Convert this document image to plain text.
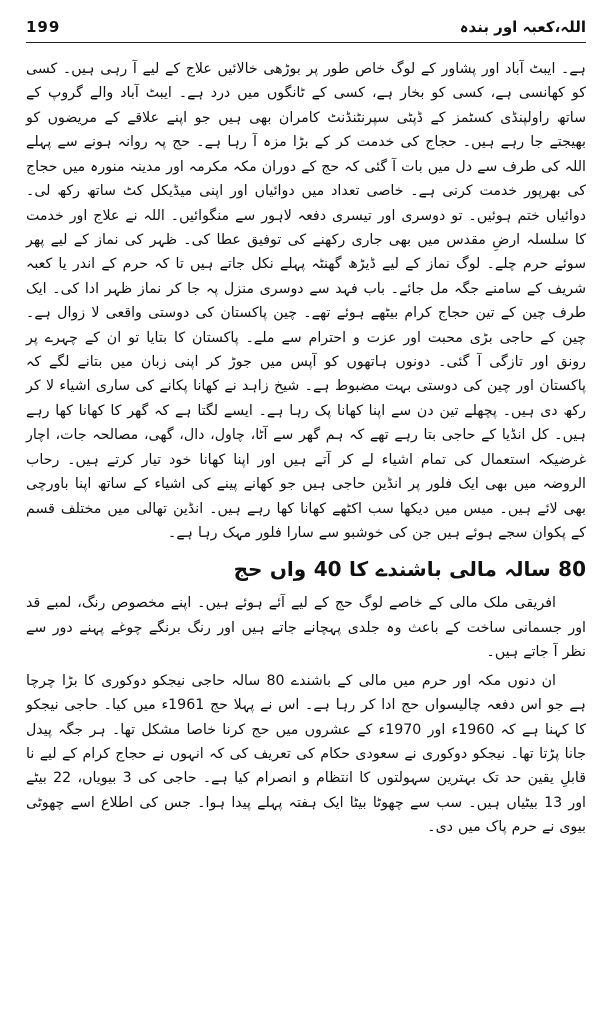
199	اللہ،کعبہ اور بندہ

ہے۔ ایبٹ آباد اور پشاور کے لوگ خاص طور پر بوڑھی خالائیں علاج کے لیے آ رہی ہیں۔ کسی کو کھانسی ہے، کسی کو بخار ہے، کسی کے ٹانگوں میں درد ہے۔ ایبٹ آباد والے گروپ کے ساتھ راولپنڈی کسٹمز کے ڈپٹی سپرنٹنڈنٹ کامران بھی ہیں جو اپنے علاقے کے مریضوں کو بھیجتے جا رہے ہیں۔ حجاج کی خدمت کر کے بڑا مزہ آ رہا ہے۔ حج پہ روانہ ہونے سے پہلے اللہ کی طرف سے دل میں بات آ گئی کہ حج کے دوران مکہ مکرمہ اور مدینہ منورہ میں حجاج کی بھرپور خدمت کرنی ہے۔ خاصی تعداد میں دوائیاں اور اپنی میڈیکل کٹ ساتھ رکھ لی۔ دوائیاں ختم ہوئیں۔ تو دوسری اور تیسری دفعہ لاہور سے منگوائیں۔ اللہ نے علاج اور خدمت کا سلسلہ ارضِ مقدس میں بھی جاری رکھنے کی توفیق عطا کی۔ ظہر کی نماز کے لیے پھر سوئے حرم چلے۔ لوگ نماز کے لیے ڈیڑھ گھنٹہ پہلے نکل جاتے ہیں تا کہ حرم کے اندر یا کعبہ شریف کے سامنے جگہ مل جائے۔ باب فہد سے دوسری منزل پہ جا کر نماز ظہر ادا کی۔ ایک طرف چین کے تین حجاج کرام بیٹھے ہوئے تھے۔ چین پاکستان کی دوستی واقعی لا زوال ہے۔ چین کے حاجی بڑی محبت اور عزت و احترام سے ملے۔ پاکستان کا بتایا تو ان کے چہرے پر رونق اور تازگی آ گئی۔ دونوں ہاتھوں کو آپس میں جوڑ کر اپنی زبان میں بتانے لگے کہ پاکستان اور چین کی دوستی بہت مضبوط ہے۔ شیخ زاہد نے کھانا پکانے کی ساری اشیاء لا کر رکھ دی ہیں۔ پچھلے تین دن سے اپنا کھانا پک رہا ہے۔ ایسے لگتا ہے کہ گھر کا کھانا کھا رہے ہیں۔ کل انڈیا کے حاجی بتا رہے تھے کہ ہم گھر سے آٹا، چاول، دال، گھی، مصالحہ جات، اچار غرضیکہ استعمال کی تمام اشیاء لے کر آتے ہیں اور اپنا کھانا خود تیار کرتے ہیں۔ رحاب الروضہ میں بھی ایک فلور پر انڈین حاجی ہیں جو کھانے پینے کی اشیاء کے ساتھ اپنا باورچی بھی لائے ہیں۔ میس میں دیکھا سب اکٹھے کھانا کھا رہے ہیں۔ انڈین تھالی میں مختلف قسم کے پکوان سجے ہوئے ہیں جن کی خوشبو سے سارا فلور مہک رہا ہے۔

80 سالہ مالی باشندے کا 40 واں حج

افریقی ملک مالی کے خاصے لوگ حج کے لیے آئے ہوئے ہیں۔ اپنے مخصوص رنگ، لمبے قد اور جسمانی ساخت کے باعث وہ جلدی پہچانے جاتے ہیں اور رنگ برنگے چوغے پہنے دور سے نظر آ جاتے ہیں۔

ان دنوں مکہ اور حرم میں مالی کے باشندے 80 سالہ حاجی نیجکو دوکوری کا بڑا چرچا ہے جو اس دفعہ چالیسواں حج ادا کر رہا ہے۔ اس نے پہلا حج 1961ء میں کیا۔ حاجی نیجکو کا کہنا ہے کہ 1960ء اور 1970ء کے عشروں میں حج کرنا خاصا مشکل تھا۔ ہر جگہ پیدل جانا پڑتا تھا۔ نیجکو دوکوری نے سعودی حکام کی تعریف کی کہ انہوں نے حجاج کرام کے لیے نا قابلِ یقین حد تک بہترین سہولتوں کا انتظام و انصرام کیا ہے۔ حاجی کی 3 بیویاں، 22 بیٹے اور 13 بیٹیاں ہیں۔ سب سے چھوٹا بیٹا ایک ہفتہ پہلے پیدا ہوا۔ جس کی اطلاع اسے چھوٹی بیوی نے حرم پاک میں دی۔
